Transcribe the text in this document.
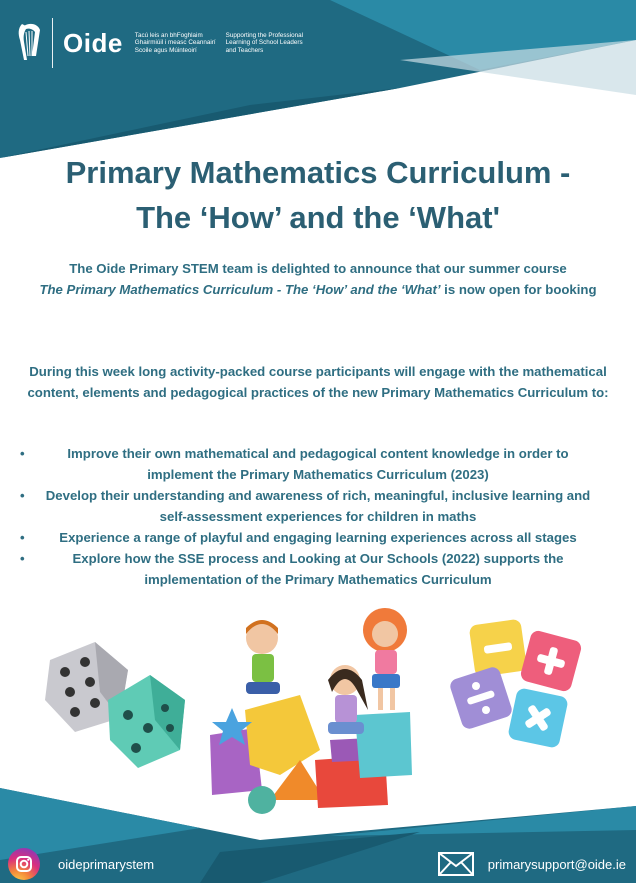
Oide Tacú leis an bhFoghlaim
Ghairmiúil i measc Ceannairí
Scoile agus Múinteoirí
Supporting the Professional
Learning of School Leaders
and Teachers
Primary Mathematics Curriculum -
The ‘How’ and the ‘What'
The Oide Primary STEM team is delighted to announce that our summer course
The Primary Mathematics Curriculum - The ‘How’ and the ‘What’ is now open for booking
During this week long activity-packed course participants will engage with the mathematical content, elements and pedagogical practices of the new Primary Mathematics Curriculum to:
•	Improve their own mathematical and pedagogical content knowledge in order to implement the Primary Mathematics Curriculum (2023)
• Develop their understanding and awareness of rich, meaningful, inclusive learning and self-assessment experiences for children in maths
•	Experience a range of playful and engaging learning experiences across all stages
•	Explore how the SSE process and Looking at Our Schools (2022) supports the implementation of the Primary Mathematics Curriculum
oideprimarystem	primarysupport@oide.ie
